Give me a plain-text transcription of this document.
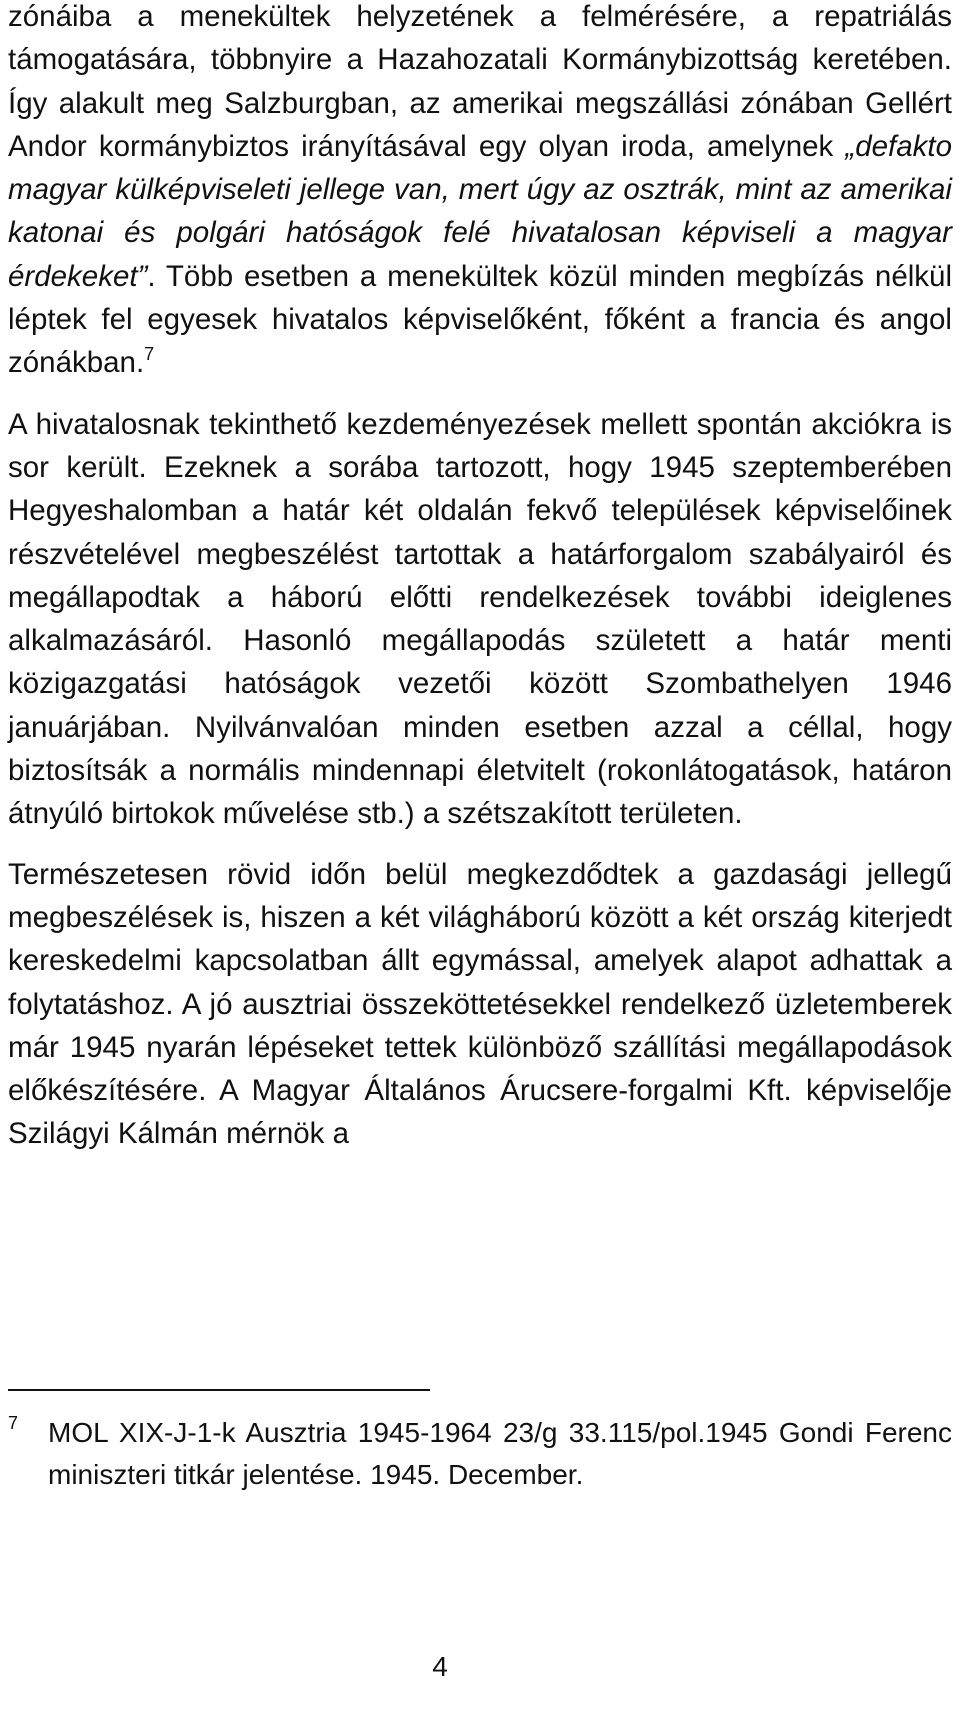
zónáiba a menekültek helyzetének a felmérésére, a repatriálás támogatására, többnyire a Hazahozatali Kormánybizottság keretében. Így alakult meg Salzburgban, az amerikai megszállási zónában Gellért Andor kormánybiztos irányításával egy olyan iroda, amelynek „defakto magyar külképviseleti jellege van, mert úgy az osztrák, mint az amerikai katonai és polgári hatóságok felé hivatalosan képviseli a magyar érdekeket”. Több esetben a menekültek közül minden megbízás nélkül léptek fel egyesek hivatalos képviselőként, főként a francia és angol zónákban.$^7$

A hivatalosnak tekinthető kezdeményezések mellett spontán akciókra is sor került. Ezeknek a sorába tartozott, hogy 1945 szeptemberében Hegyeshalomban a határ két oldalán fekvő települések képviselőinek részvételével megbeszélést tartottak a határforgalom szabályairól és megállapodtak a háború előtti rendelkezések további ideiglenes alkalmazásáról. Hasonló megállapodás született a határ menti közigazgatási hatóságok vezetői között Szombathelyen 1946 januárjában. Nyilvánvalóan minden esetben azzal a céllal, hogy biztosítsák a normális mindennapi életvitelt (rokonlátogatások, határon átnyúló birtokok művelése stb.) a szétszakított területen.

Természetesen rövid időn belül megkezdődtek a gazdasági jellegű megbeszélések is, hiszen a két világháború között a két ország kiterjedt kereskedelmi kapcsolatban állt egymással, amelyek alapot adhattak a folytatáshoz. A jó ausztriai összeköttetésekkel rendelkező üzletemberek már 1945 nyarán lépéseket tettek különböző szállítási megállapodások előkészítésére. A Magyar Általános Árucsere-forgalmi Kft. képviselője Szilágyi Kálmán mérnök a

7	MOL XIX-J-1-k Ausztria 1945-1964 23/g 33.115/pol.1945 Gondi Ferenc miniszteri titkár jelentése. 1945. December.
4
